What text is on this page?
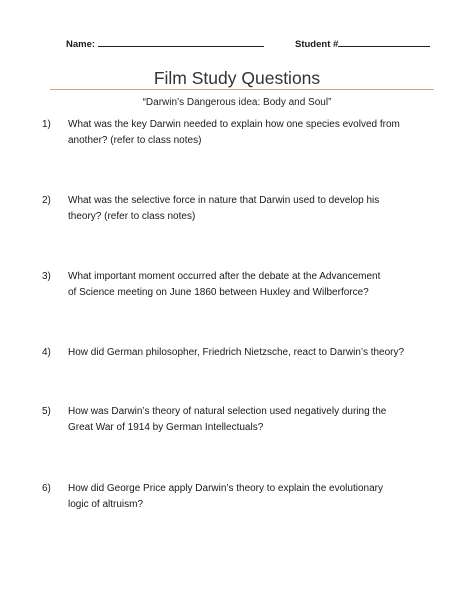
Name:	Student #
Film Study Questions
“Darwin’s Dangerous idea: Body and Soul”
1) What was the key Darwin needed to explain how one species evolved from
another? (refer to class notes)
2) What was the selective force in nature that Darwin used to develop his
theory? (refer to class notes)
3) What important moment occurred after the debate at the Advancement
of Science meeting on June 1860 between Huxley and Wilberforce?
4) How did German philosopher, Friedrich Nietzsche, react to Darwin’s theory?
5) How was Darwin’s theory of natural selection used negatively during the
Great War of 1914 by German Intellectuals?
6) How did George Price apply Darwin’s theory to explain the evolutionary
logic of altruism?
